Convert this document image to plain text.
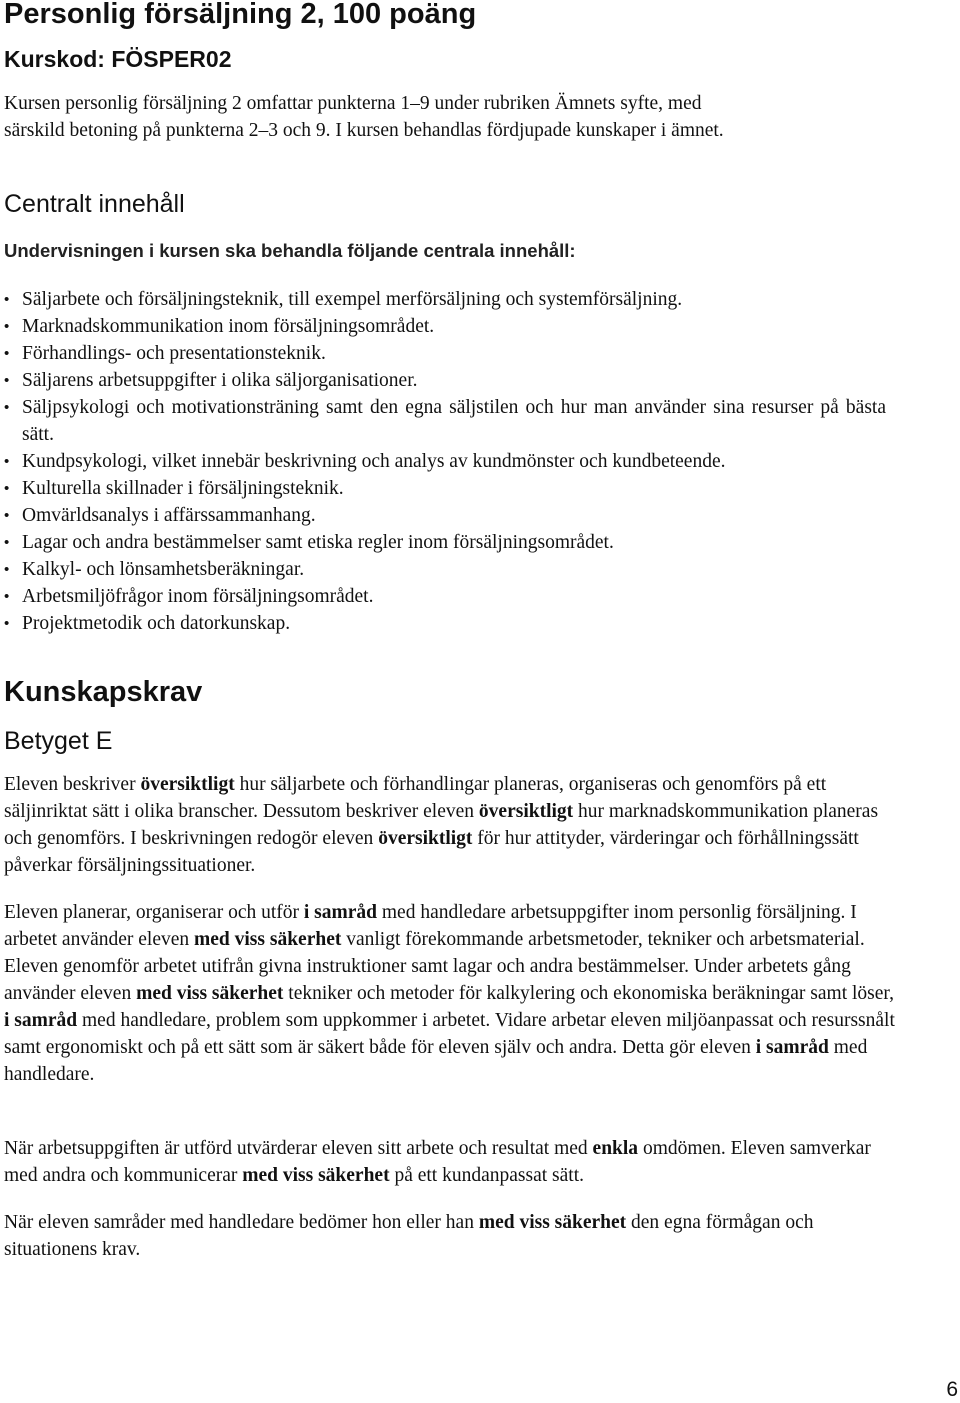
Personlig försäljning 2, 100 poäng
Kurskod: FÖSPER02

Kursen personlig försäljning 2 omfattar punkterna 1–9 under rubriken Ämnets syfte, med
särskild betoning på punkterna 2–3 och 9. I kursen behandlas fördjupade kunskaper i ämnet.

Centralt innehåll

Undervisningen i kursen ska behandla följande centrala innehåll:

• Säljarbete och försäljningsteknik, till exempel merförsäljning och systemförsäljning.
• Marknadskommunikation inom försäljningsområdet.
• Förhandlings- och presentationsteknik.
• Säljarens arbetsuppgifter i olika säljorganisationer.
• Säljpsykologi och motivationsträning samt den egna säljstilen och hur man använder sina resurser på bästa sätt.
• Kundpsykologi, vilket innebär beskrivning och analys av kundmönster och kundbeteende.
• Kulturella skillnader i försäljningsteknik.
• Omvärldsanalys i affärssammanhang.
• Lagar och andra bestämmelser samt etiska regler inom försäljningsområdet.
• Kalkyl- och lönsamhetsberäkningar.
• Arbetsmiljöfrågor inom försäljningsområdet.
• Projektmetodik och datorkunskap.
Kunskapskrav
Betyget E

Eleven beskriver översiktligt hur säljarbete och förhandlingar planeras, organiseras och genomförs på ett säljinriktat sätt i olika branscher. Dessutom beskriver eleven översiktligt hur marknadskommunikation planeras och genomförs. I beskrivningen redogör eleven översiktligt för hur attityder, värderingar och förhållningssätt påverkar försäljningssituationer.

Eleven planerar, organiserar och utför i samråd med handledare arbetsuppgifter inom personlig försäljning. I arbetet använder eleven med viss säkerhet vanligt förekommande arbetsmetoder, tekniker och arbetsmaterial. Eleven genomför arbetet utifrån givna instruktioner samt lagar och andra bestämmelser. Under arbetets gång använder eleven med viss säkerhet tekniker och metoder för kalkylering och ekonomiska beräkningar samt löser, i samråd med handledare, problem som uppkommer i arbetet. Vidare arbetar eleven miljöanpassat och resurssnålt samt ergonomiskt och på ett sätt som är säkert både för eleven själv och andra. Detta gör eleven i samråd med handledare.

När arbetsuppgiften är utförd utvärderar eleven sitt arbete och resultat med enkla omdömen. Eleven samverkar med andra och kommunicerar med viss säkerhet på ett kundanpassat sätt.

När eleven samråder med handledare bedömer hon eller han med viss säkerhet den egna förmågan och situationens krav.

6
